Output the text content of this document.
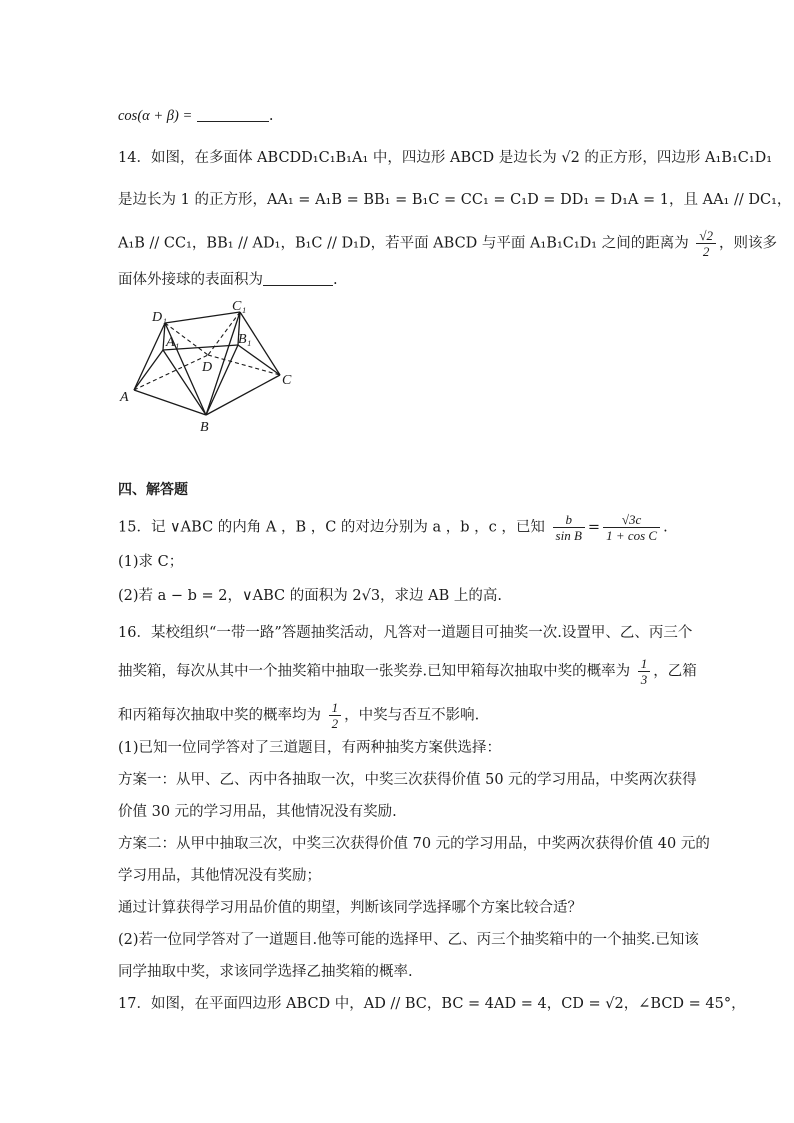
cos(α + β) =	.
14．如图，在多面体 ABCDD₁C₁B₁A₁ 中，四边形 ABCD 是边长为 √2 的正方形，四边形 A₁B₁C₁D₁
是边长为 1 的正方形，AA₁ = A₁B = BB₁ = B₁C = CC₁ = C₁D = DD₁ = D₁A = 1，且 AA₁ // DC₁，
A₁B // CC₁，BB₁ // AD₁，B₁C // D₁D，若平面 ABCD 与平面 A₁B₁C₁D₁ 之间的距离为 $\frac{√2}{2}$ ，则该多
面体外接球的表面积为	.
D₁
C₁
A₁	B₁
D
A
B
C
四、解答题
15．记 ∨ABC 的内角 A ，B ，C 的对边分别为 a ，b ，c ，已知 $\frac{b}{\text{sin B}} = \frac{√3c}{\text{1 + cos C}}$ .
(1)求 C；
(2)若 a − b = 2，∨ABC 的面积为 2√3，求边 AB 上的高.
16．某校组织“一带一路”答题抽奖活动，凡答对一道题目可抽奖一次.设置甲、乙、丙三个
抽奖箱，每次从其中一个抽奖箱中抽取一张奖券.已知甲箱每次抽取中奖的概率为 $\frac{1}{3}$ ，乙箱
和丙箱每次抽取中奖的概率均为 $\frac{1}{2}$ ，中奖与否互不影响.
(1)已知一位同学答对了三道题目，有两种抽奖方案供选择：
方案一：从甲、乙、丙中各抽取一次，中奖三次获得价值 50 元的学习用品，中奖两次获得
价值 30 元的学习用品，其他情况没有奖励.
方案二：从甲中抽取三次，中奖三次获得价值 70 元的学习用品，中奖两次获得价值 40 元的
学习用品，其他情况没有奖励；
通过计算获得学习用品价值的期望，判断该同学选择哪个方案比较合适？
(2)若一位同学答对了一道题目.他等可能的选择甲、乙、丙三个抽奖箱中的一个抽奖.已知该
同学抽取中奖，求该同学选择乙抽奖箱的概率.
17．如图，在平面四边形 ABCD 中，AD // BC，BC = 4AD = 4，CD = √2，∠BCD = 45°，
